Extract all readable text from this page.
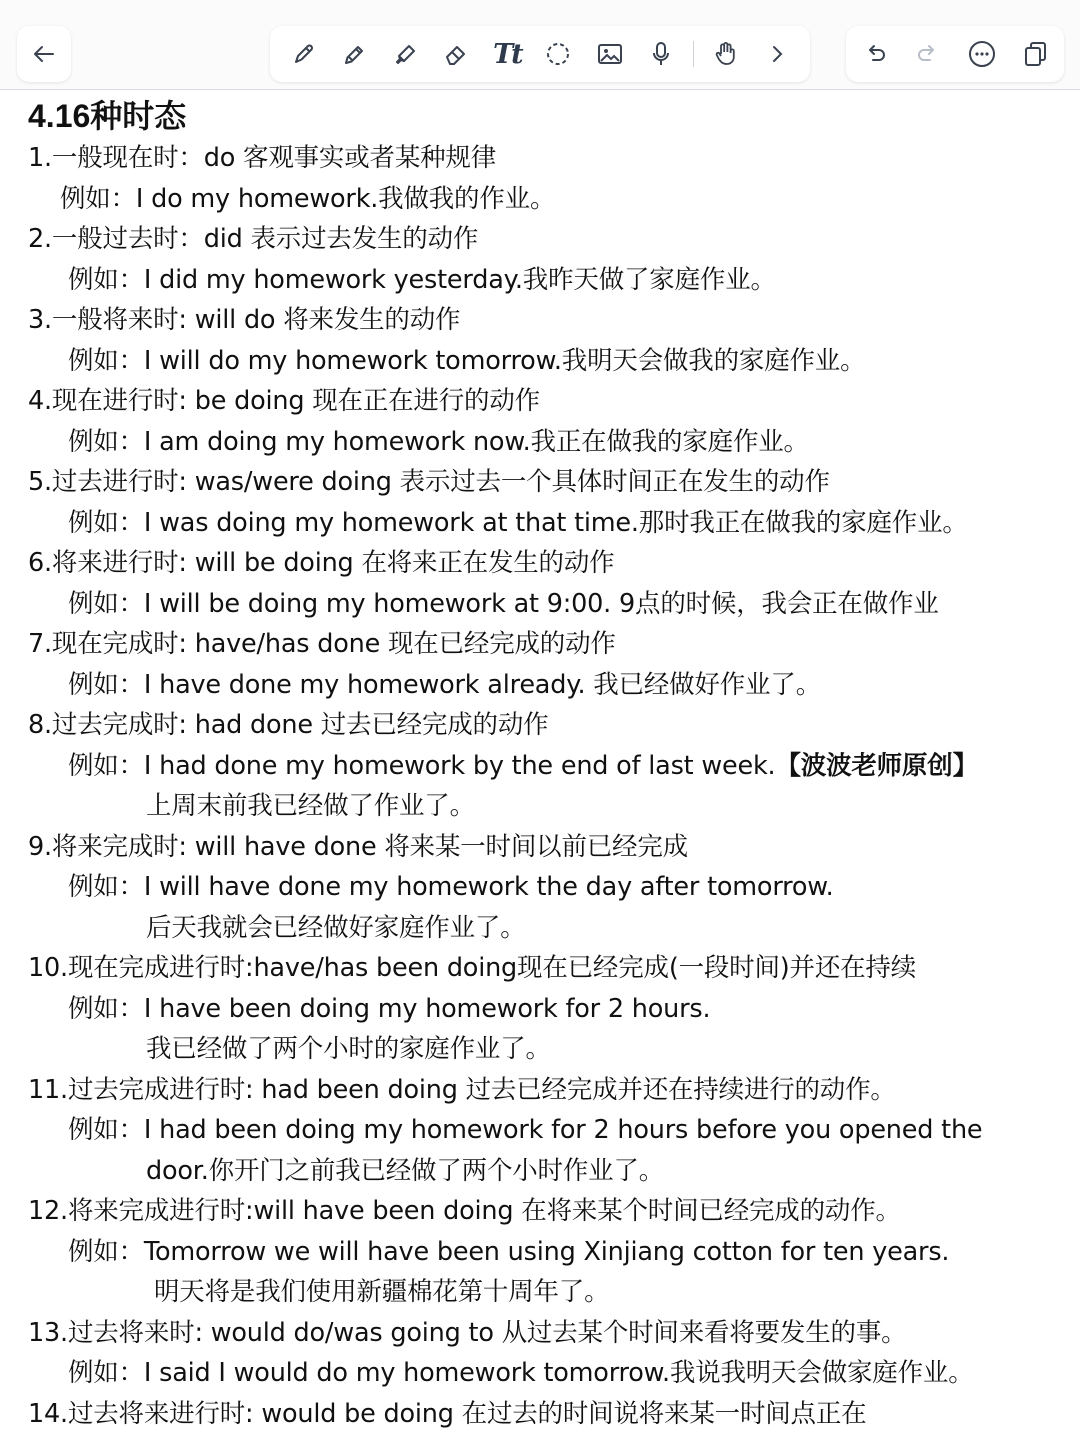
Tt
4.16种时态
1.一般现在时：do 客观事实或者某种规律
例如：I do my homework.我做我的作业。
2.一般过去时：did 表示过去发生的动作
例如：I did my homework yesterday.我昨天做了家庭作业。
3.一般将来时: will do 将来发生的动作
例如：I will do my homework tomorrow.我明天会做我的家庭作业。
4.现在进行时: be doing 现在正在进行的动作
例如：I am doing my homework now.我正在做我的家庭作业。
5.过去进行时: was/were doing 表示过去一个具体时间正在发生的动作
例如：I was doing my homework at that time.那时我正在做我的家庭作业。
6.将来进行时: will be doing 在将来正在发生的动作
例如：I will be doing my homework at 9:00. 9点的时候，我会正在做作业
7.现在完成时: have/has done 现在已经完成的动作
例如：I have done my homework already. 我已经做好作业了。
8.过去完成时: had done 过去已经完成的动作
例如：I had done my homework by the end of last week.【波波老师原创】
上周末前我已经做了作业了。
9.将来完成时: will have done 将来某一时间以前已经完成
例如：I will have done my homework the day after tomorrow.
后天我就会已经做好家庭作业了。
10.现在完成进行时:have/has been doing现在已经完成(一段时间)并还在持续
例如：I have been doing my homework for 2 hours.
我已经做了两个小时的家庭作业了。
11.过去完成进行时: had been doing 过去已经完成并还在持续进行的动作。
例如：I had been doing my homework for 2 hours before you opened the
door.你开门之前我已经做了两个小时作业了。
12.将来完成进行时:will have been doing 在将来某个时间已经完成的动作。
例如：Tomorrow we will have been using Xinjiang cotton for ten years.
明天将是我们使用新疆棉花第十周年了。
13.过去将来时: would do/was going to 从过去某个时间来看将要发生的事。
例如：I said I would do my homework tomorrow.我说我明天会做家庭作业。
14.过去将来进行时: would be doing 在过去的时间说将来某一时间点正在
